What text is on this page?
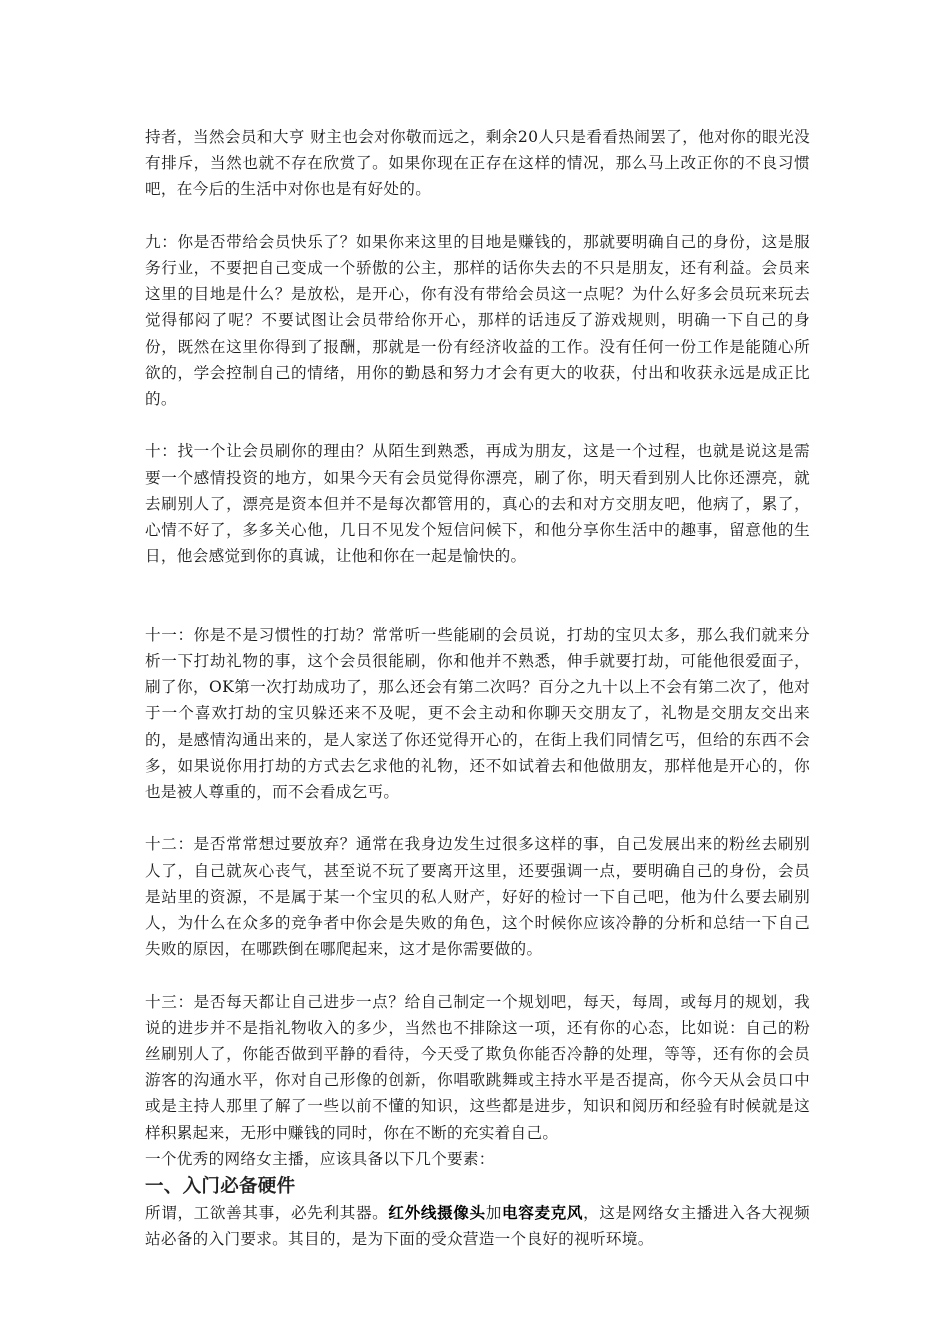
持者，当然会员和大亨 财主也会对你敬而远之，剩余20人只是看看热闹罢了，他对你的眼光没有排斥，当然也就不存在欣赏了。如果你现在正存在这样的情况，那么马上改正你的不良习惯吧，在今后的生活中对你也是有好处的。

九：你是否带给会员快乐了？如果你来这里的目地是赚钱的，那就要明确自己的身份，这是服务行业，不要把自己变成一个骄傲的公主，那样的话你失去的不只是朋友，还有利益。会员来这里的目地是什么？是放松，是开心，你有没有带给会员这一点呢？为什么好多会员玩来玩去觉得郁闷了呢？不要试图让会员带给你开心，那样的话违反了游戏规则，明确一下自己的身份，既然在这里你得到了报酬，那就是一份有经济收益的工作。没有任何一份工作是能随心所欲的，学会控制自己的情绪，用你的勤恳和努力才会有更大的收获，付出和收获永远是成正比的。

十：找一个让会员刷你的理由？从陌生到熟悉，再成为朋友，这是一个过程，也就是说这是需要一个感情投资的地方，如果今天有会员觉得你漂亮，刷了你，明天看到别人比你还漂亮，就去刷别人了，漂亮是资本但并不是每次都管用的，真心的去和对方交朋友吧，他病了，累了，心情不好了，多多关心他，几日不见发个短信问候下，和他分享你生活中的趣事，留意他的生日，他会感觉到你的真诚，让他和你在一起是愉快的。

十一：你是不是习惯性的打劫？常常听一些能刷的会员说，打劫的宝贝太多，那么我们就来分析一下打劫礼物的事，这个会员很能刷，你和他并不熟悉，伸手就要打劫，可能他很爱面子，刷了你，OK第一次打劫成功了，那么还会有第二次吗？百分之九十以上不会有第二次了，他对于一个喜欢打劫的宝贝躲还来不及呢，更不会主动和你聊天交朋友了，礼物是交朋友交出来的，是感情沟通出来的，是人家送了你还觉得开心的，在街上我们同情乞丐，但给的东西不会多，如果说你用打劫的方式去乞求他的礼物，还不如试着去和他做朋友，那样他是开心的，你也是被人尊重的，而不会看成乞丐。

十二：是否常常想过要放弃？通常在我身边发生过很多这样的事，自己发展出来的粉丝去刷别人了，自己就灰心丧气，甚至说不玩了要离开这里，还要强调一点，要明确自己的身份，会员是站里的资源，不是属于某一个宝贝的私人财产，好好的检讨一下自己吧，他为什么要去刷别人，为什么在众多的竞争者中你会是失败的角色，这个时候你应该冷静的分析和总结一下自己失败的原因，在哪跌倒在哪爬起来，这才是你需要做的。

十三：是否每天都让自己进步一点？给自己制定一个规划吧，每天，每周，或每月的规划，我说的进步并不是指礼物收入的多少，当然也不排除这一项，还有你的心态，比如说：自己的粉丝刷别人了，你能否做到平静的看待，今天受了欺负你能否冷静的处理，等等，还有你的会员游客的沟通水平，你对自己形像的创新，你唱歌跳舞或主持水平是否提高，你今天从会员口中或是主持人那里了解了一些以前不懂的知识，这些都是进步，知识和阅历和经验有时候就是这样积累起来，无形中赚钱的同时，你在不断的充实着自己。

一个优秀的网络女主播，应该具备以下几个要素：

一、入门必备硬件

所谓，工欲善其事，必先利其器。红外线摄像头加电容麦克风，这是网络女主播进入各大视频站必备的入门要求。其目的，是为下面的受众营造一个良好的视听环境。
